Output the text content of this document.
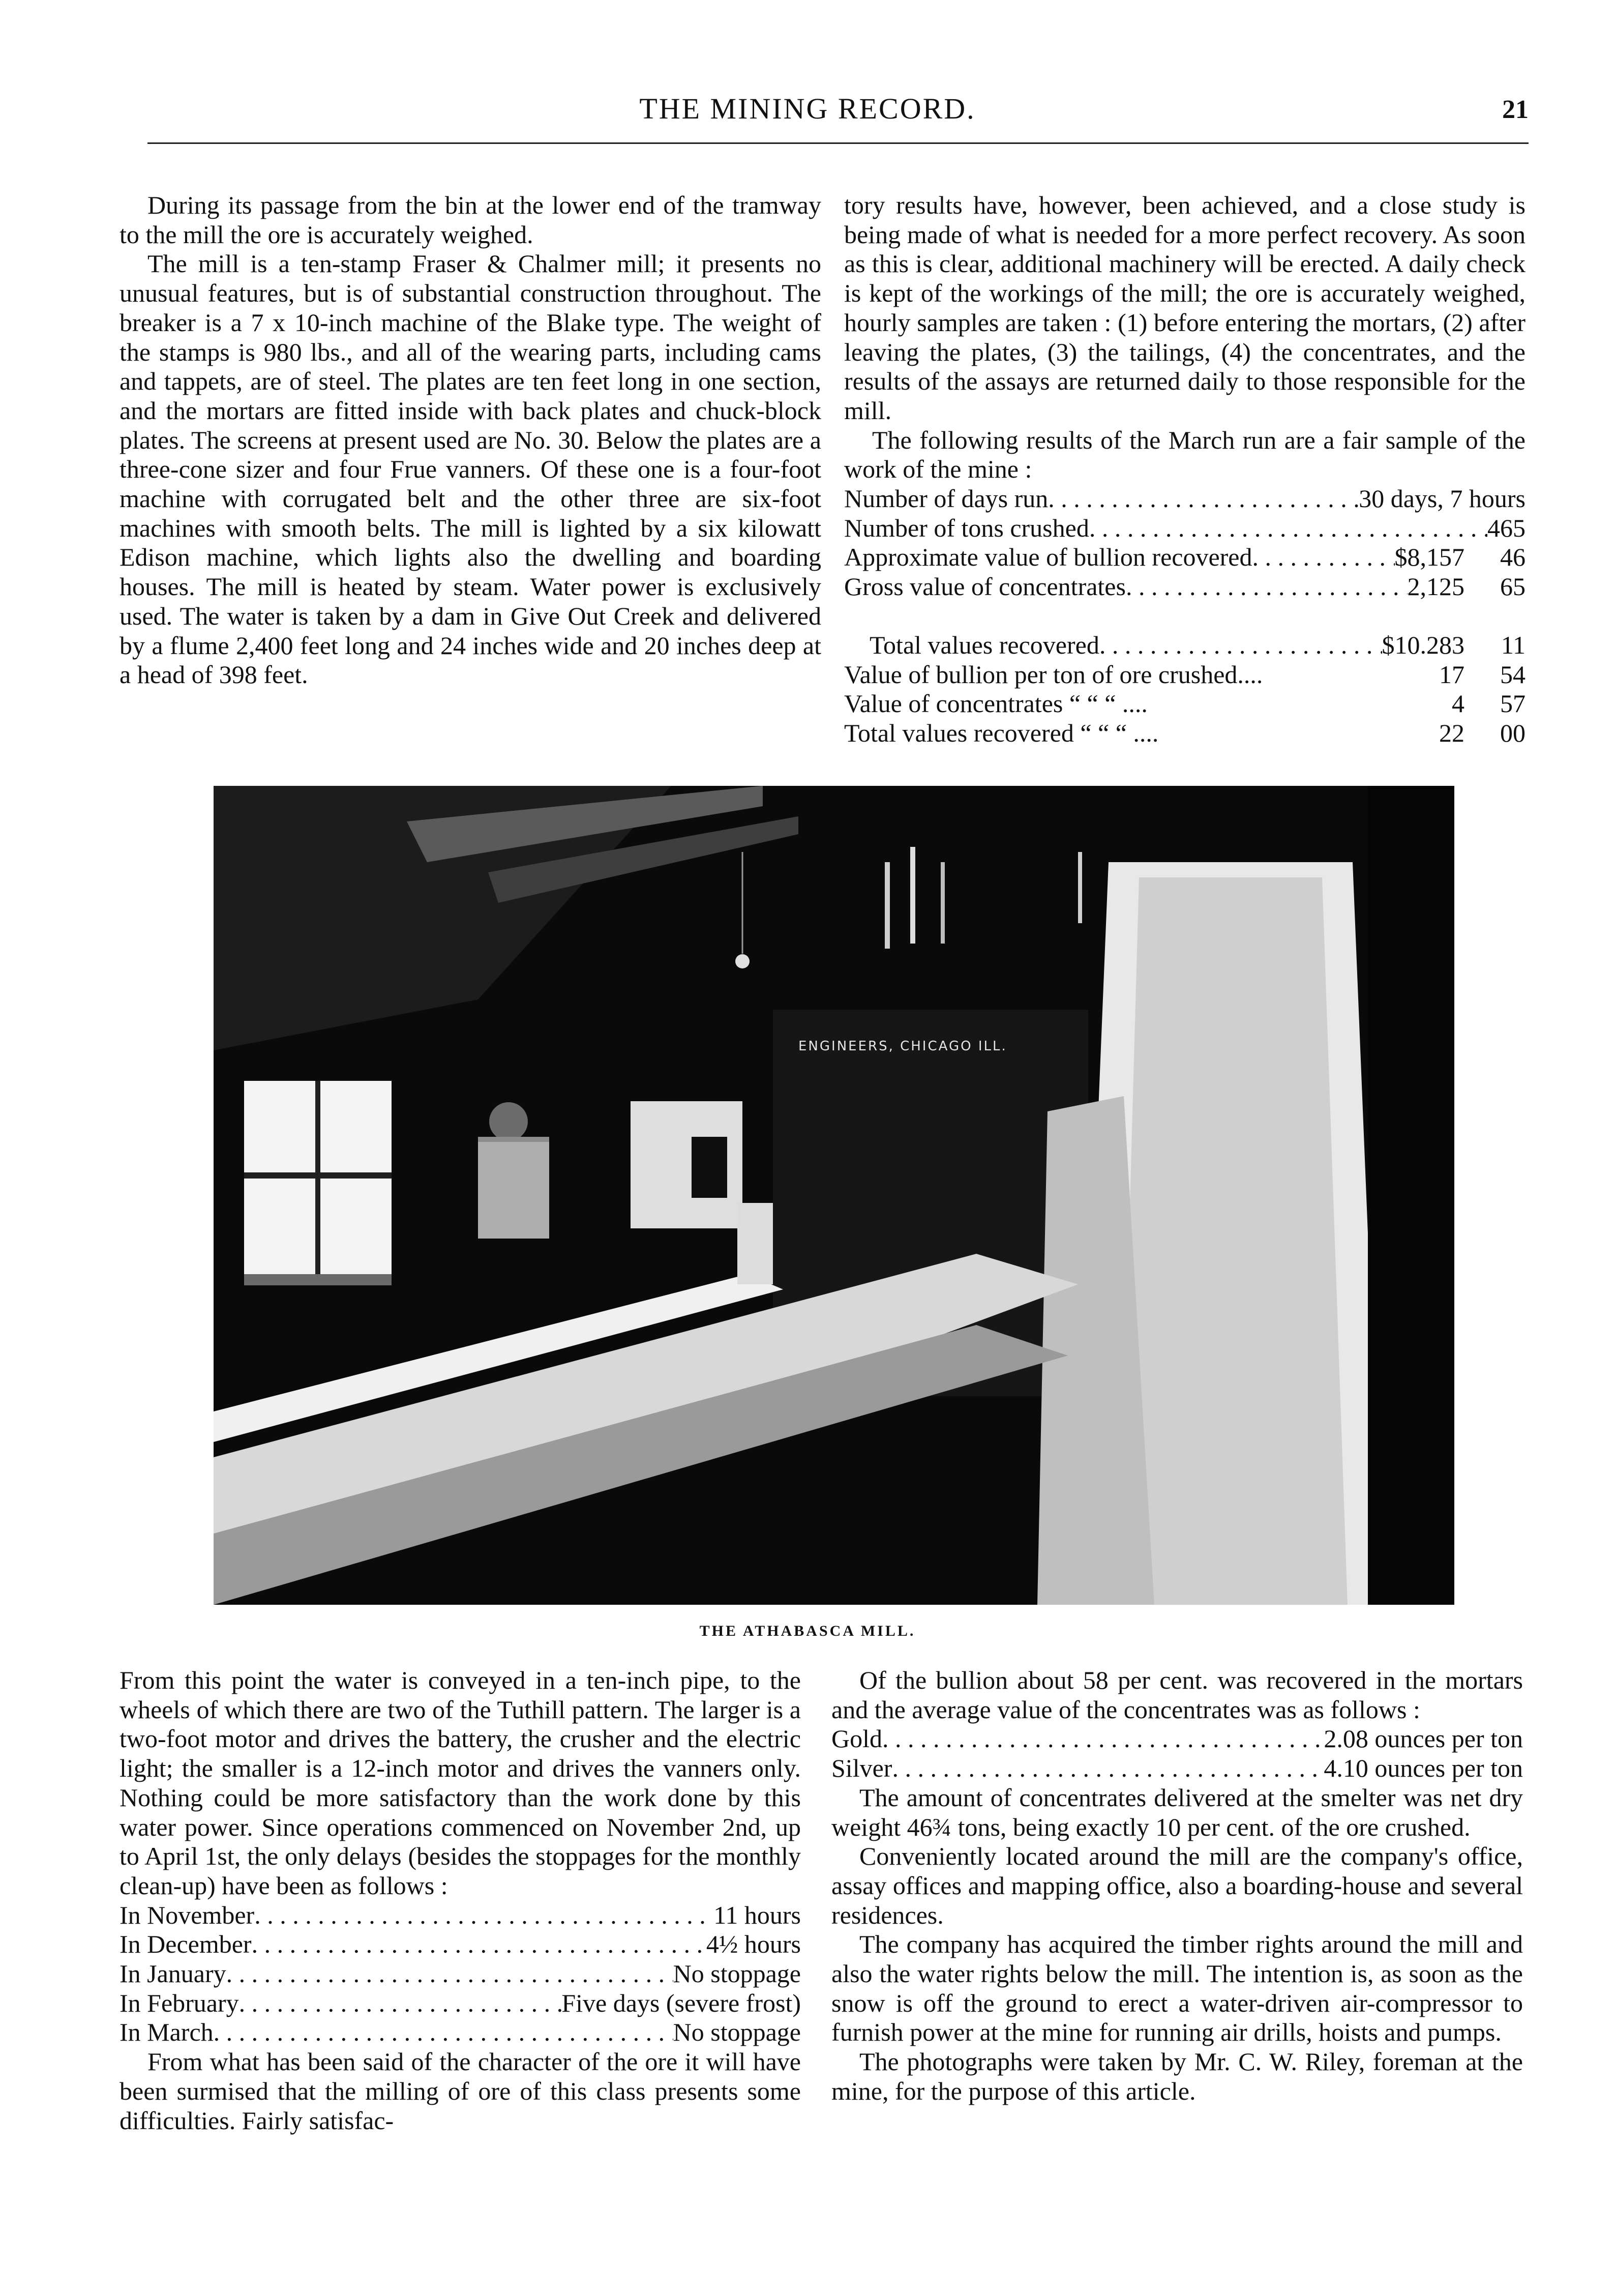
THE MINING RECORD.	21

During its passage from the bin at the lower end of the tramway to the mill the ore is accurately weighed.

The mill is a ten-stamp Fraser & Chalmer mill; it presents no unusual features, but is of substantial construction throughout. The breaker is a 7 x 10-inch machine of the Blake type. The weight of the stamps is 980 lbs., and all of the wearing parts, including cams and tappets, are of steel. The plates are ten feet long in one section, and the mortars are fitted inside with back plates and chuck-block plates. The screens at present used are No. 30. Below the plates are a three-cone sizer and four Frue vanners. Of these one is a four-foot machine with corrugated belt and the other three are six-foot machines with smooth belts. The mill is lighted by a six kilowatt Edison machine, which lights also the dwelling and boarding houses. The mill is heated by steam. Water power is exclusively used. The water is taken by a dam in Give Out Creek and delivered by a flume 2,400 feet long and 24 inches wide and 20 inches deep at a head of 398 feet.

tory results have, however, been achieved, and a close study is being made of what is needed for a more perfect recovery. As soon as this is clear, additional machinery will be erected. A daily check is kept of the workings of the mill; the ore is accurately weighed, hourly samples are taken : (1) before entering the mortars, (2) after leaving the plates, (3) the tailings, (4) the concentrates, and the results of the assays are returned daily to those responsible for the mill.

The following results of the March run are a fair sample of the work of the mine :

Number of days run . . .	30 days, 7 hours
Number of tons crushed . . .	465
Approximate value of bullion recovered . . .	$ 8,157	46
Gross value of concentrates . . .	2,125	65
Total values recovered . . .	$ 10.283	11
Value of bullion per ton of ore crushed....	17	54
Value of concentrates “ “ “ ....	4	57
Total values recovered “ “ “ ....	22	00
ENGINEERS, CHICAGO ILL.
THE ATHABASCA MILL.

From this point the water is conveyed in a ten-inch pipe, to the wheels of which there are two of the Tuthill pattern. The larger is a two-foot motor and drives the battery, the crusher and the electric light; the smaller is a 12-inch motor and drives the vanners only. Nothing could be more satisfactory than the work done by this water power. Since operations commenced on November 2nd, up to April 1st, the only delays (besides the stoppages for the monthly clean-up) have been as follows :

In November . . .	11 hours
In December . . .	4½ hours
In January . . .	No stoppage
In February . . .	Five days (severe frost)
In March . . .	No stoppage

From what has been said of the character of the ore it will have been surmised that the milling of ore of this class presents some difficulties. Fairly satisfac-

Of the bullion about 58 per cent. was recovered in the mortars and the average value of the concentrates was as follows :

Gold . . .	2.08 ounces per ton
Silver . . .	4.10 ounces per ton

The amount of concentrates delivered at the smelter was net dry weight 46¾ tons, being exactly 10 per cent. of the ore crushed.

Conveniently located around the mill are the company's office, assay offices and mapping office, also a boarding-house and several residences.

The company has acquired the timber rights around the mill and also the water rights below the mill. The intention is, as soon as the snow is off the ground to erect a water-driven air-compressor to furnish power at the mine for running air drills, hoists and pumps.

The photographs were taken by Mr. C. W. Riley, foreman at the mine, for the purpose of this article.
